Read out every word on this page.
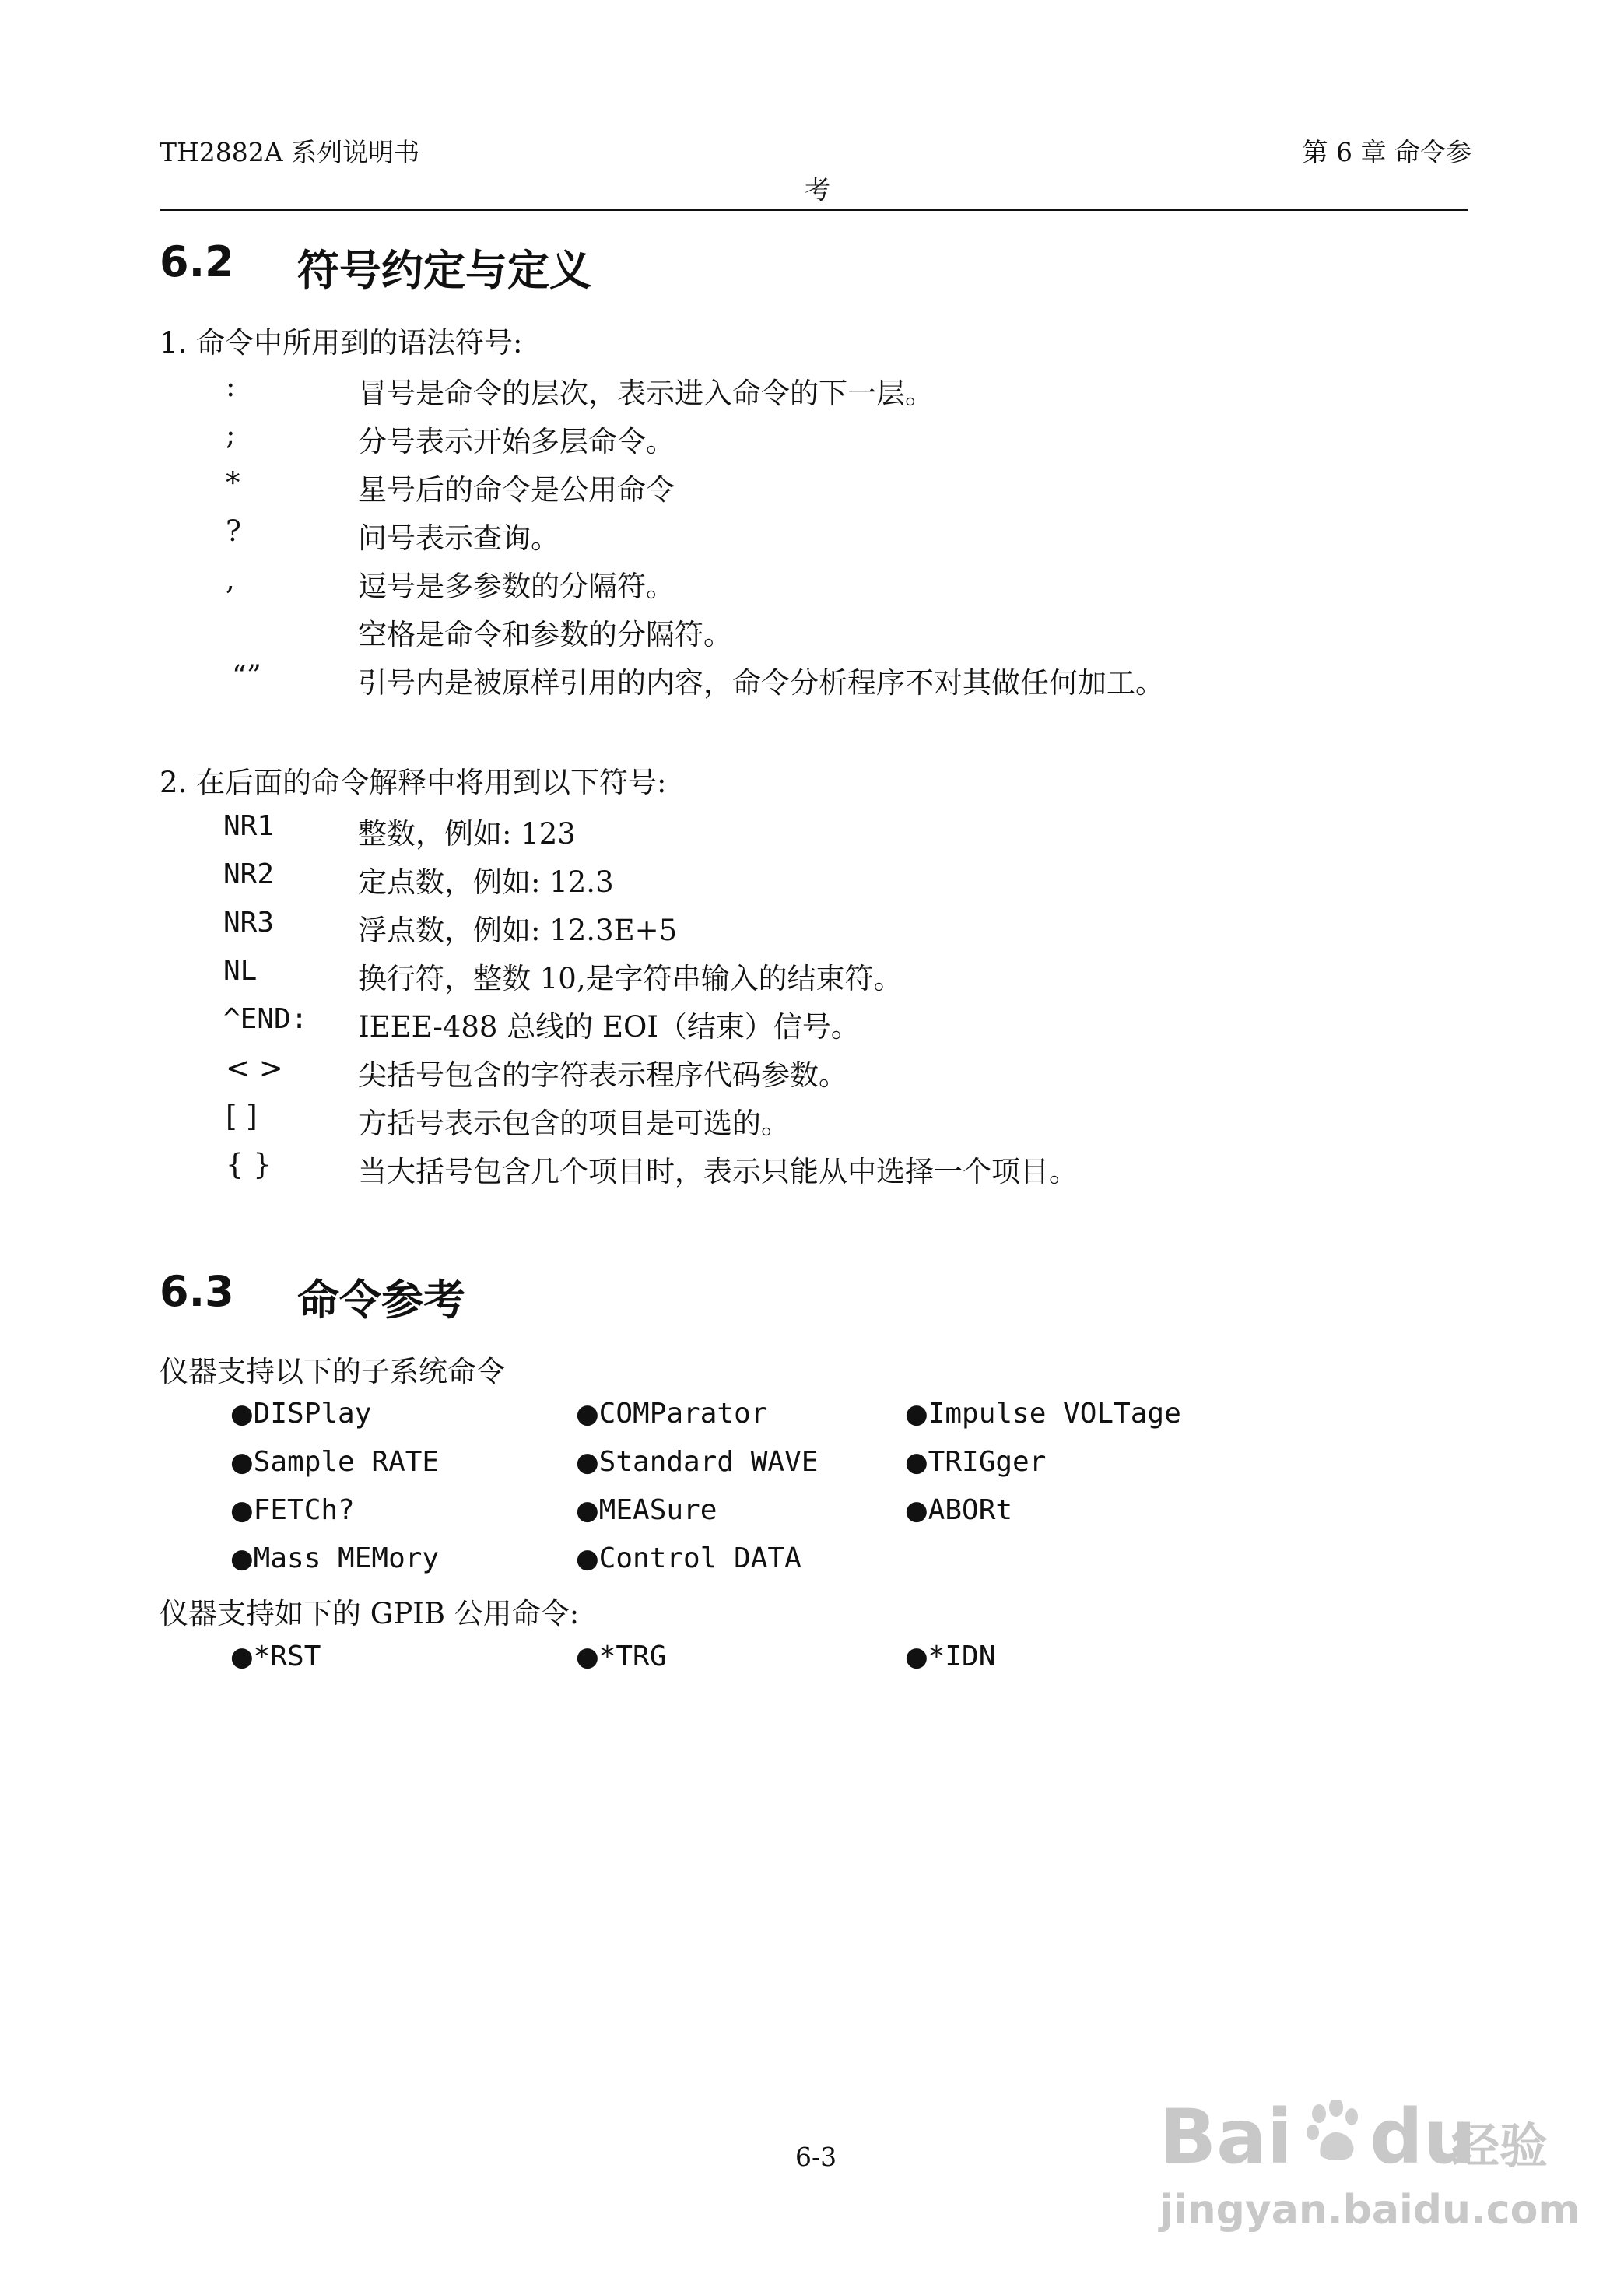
TH2882A 系列说明书	第 6 章 命令参
考
6.2 符号约定与定义
1. 命令中所用到的语法符号:
:	冒号是命令的层次，表示进入命令的下一层。
;	分号表示开始多层命令。
*	星号后的命令是公用命令
?	问号表示查询。
,	逗号是多参数的分隔符。
空格是命令和参数的分隔符。
“”	引号内是被原样引用的内容，命令分析程序不对其做任何加工。
2. 在后面的命令解释中将用到以下符号:
NR1	整数，例如: 123
NR2	定点数，例如: 12.3
NR3	浮点数，例如: 12.3E+5
NL	换行符，整数 10,是字符串输入的结束符。
^END: IEEE-488 总线的 EOI（结束）信号。
< >	尖括号包含的字符表示程序代码参数。
[ ]	方括号表示包含的项目是可选的。
{ }	当大括号包含几个项目时，表示只能从中选择一个项目。
6.3 命令参考
仪器支持以下的子系统命令
●DISPlay	●COMParator	●Impulse VOLTage
●Sample RATE	●Standard WAVE	●TRIGger
●FETCh?	●MEASure	●ABORt
●Mass MEMory	●Control DATA
仪器支持如下的 GPIB 公用命令:
●*RST	●*TRG	●*IDN
6-3	Bai du
经验
jingyan.baidu.com
